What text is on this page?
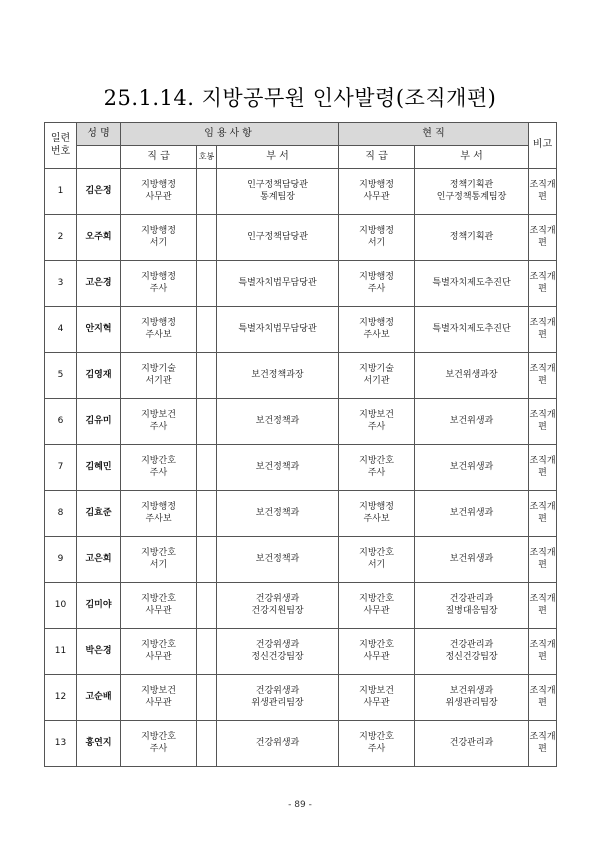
25.1.14. 지방공무원 인사발령(조직개편)
일련
번호	성 명	임용사항			현 직		비고
		직 급	호봉	부 서	직 급	부 서	

1	김은정	지방행정
사무관		인구정책담당관
통계팀장	지방행정
사무관	정책기획관
인구정책통계팀장	조직개편

2	오주희	지방행정
서기		인구정책담당관	지방행정
서기	정책기획관	조직개편

3	고은경	지방행정
주사		특별자치법무담당관	지방행정
주사	특별자치제도추진단	조직개편

4	안지혁	지방행정
주사보		특별자치법무담당관	지방행정
주사보	특별자치제도추진단	조직개편

5	김영재	지방기술
서기관		보건정책과장	지방기술
서기관	보건위생과장	조직개편

6	김유미	지방보건
주사		보건정책과	지방보건
주사	보건위생과	조직개편

7	김혜민	지방간호
주사		보건정책과	지방간호
주사	보건위생과	조직개편

8	김효준	지방행정
주사보		보건정책과	지방행정
주사보	보건위생과	조직개편

9	고은희	지방간호
서기		보건정책과	지방간호
서기	보건위생과	조직개편

10	김미야	지방간호
사무관		건강위생과
건강지원팀장	지방간호
사무관	건강관리과
질병대응팀장	조직개편

11	박은경	지방간호
사무관		건강위생과
정신건강팀장	지방간호
사무관	건강관리과
정신건강팀장	조직개편

12	고순배	지방보건
사무관		건강위생과
위생관리팀장	지방보건
사무관	보건위생과
위생관리팀장	조직개편

13	홍연지	지방간호
주사		건강위생과	지방간호
주사	건강관리과	조직개편
- 89 -
